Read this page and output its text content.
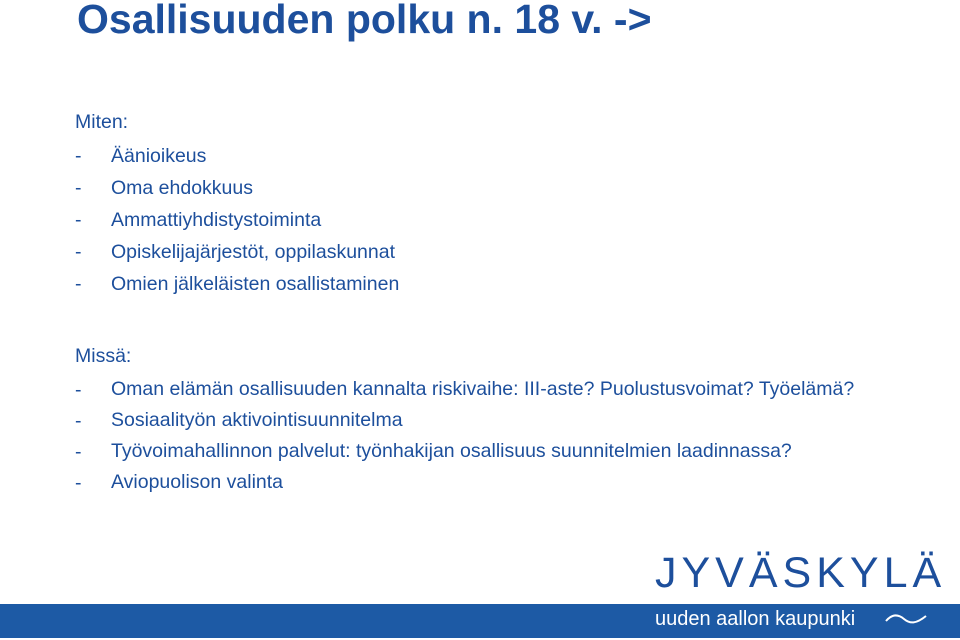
Osallisuuden polku n. 18 v. ->
Miten:
- Äänioikeus
- Oma ehdokkuus
- Ammattiyhdistystoiminta
- Opiskelijajärjestöt, oppilaskunnat
- Omien jälkeläisten osallistaminen
Missä:
- Oman elämän osallisuuden kannalta riskivaihe: III-aste? Puolustusvoimat? Työelämä?
- Sosiaalityön aktivointisuunnitelma
- Työvoimahallinnon palvelut: työnhakijan osallisuus suunnitelmien laadinnassa?
- Aviopuolison valinta
JYVÄSKYLÄ
uuden aallon kaupunki
